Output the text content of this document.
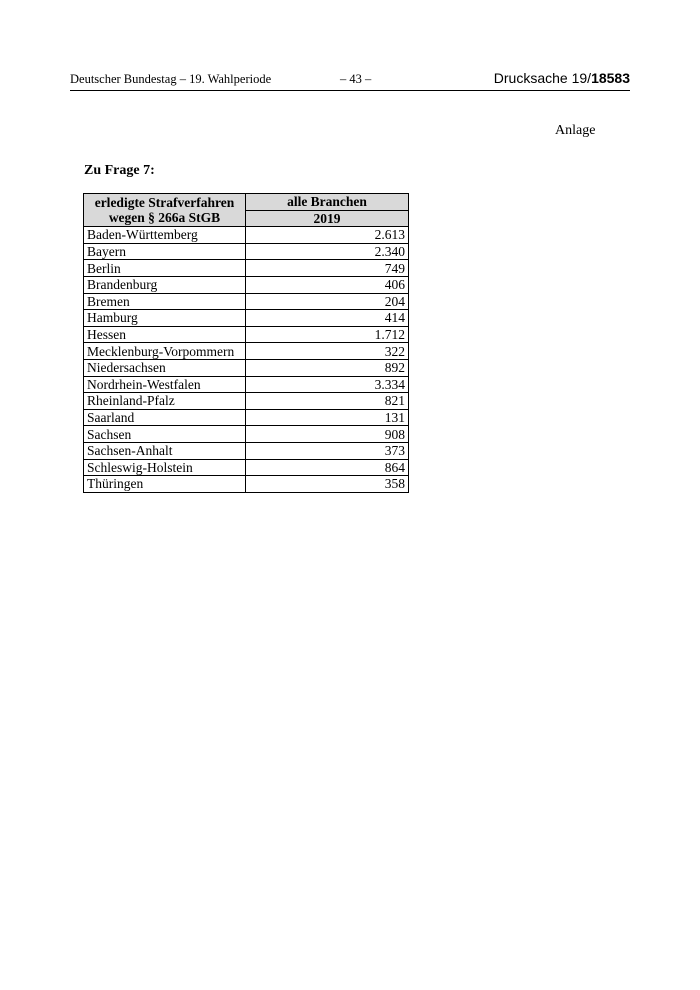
Deutscher Bundestag – 19. Wahlperiode	– 43 –	Drucksache 19/18583
Anlage
Zu Frage 7:
erledigte Strafverfahren
wegen § 266a StGB	alle Branchen
	2019
Baden-Württemberg	2.613
Bayern	2.340
Berlin	749
Brandenburg	406
Bremen	204
Hamburg	414
Hessen	1.712
Mecklenburg-Vorpommern	322
Niedersachsen	892
Nordrhein-Westfalen	3.334
Rheinland-Pfalz	821
Saarland	131
Sachsen	908
Sachsen-Anhalt	373
Schleswig-Holstein	864
Thüringen	358
